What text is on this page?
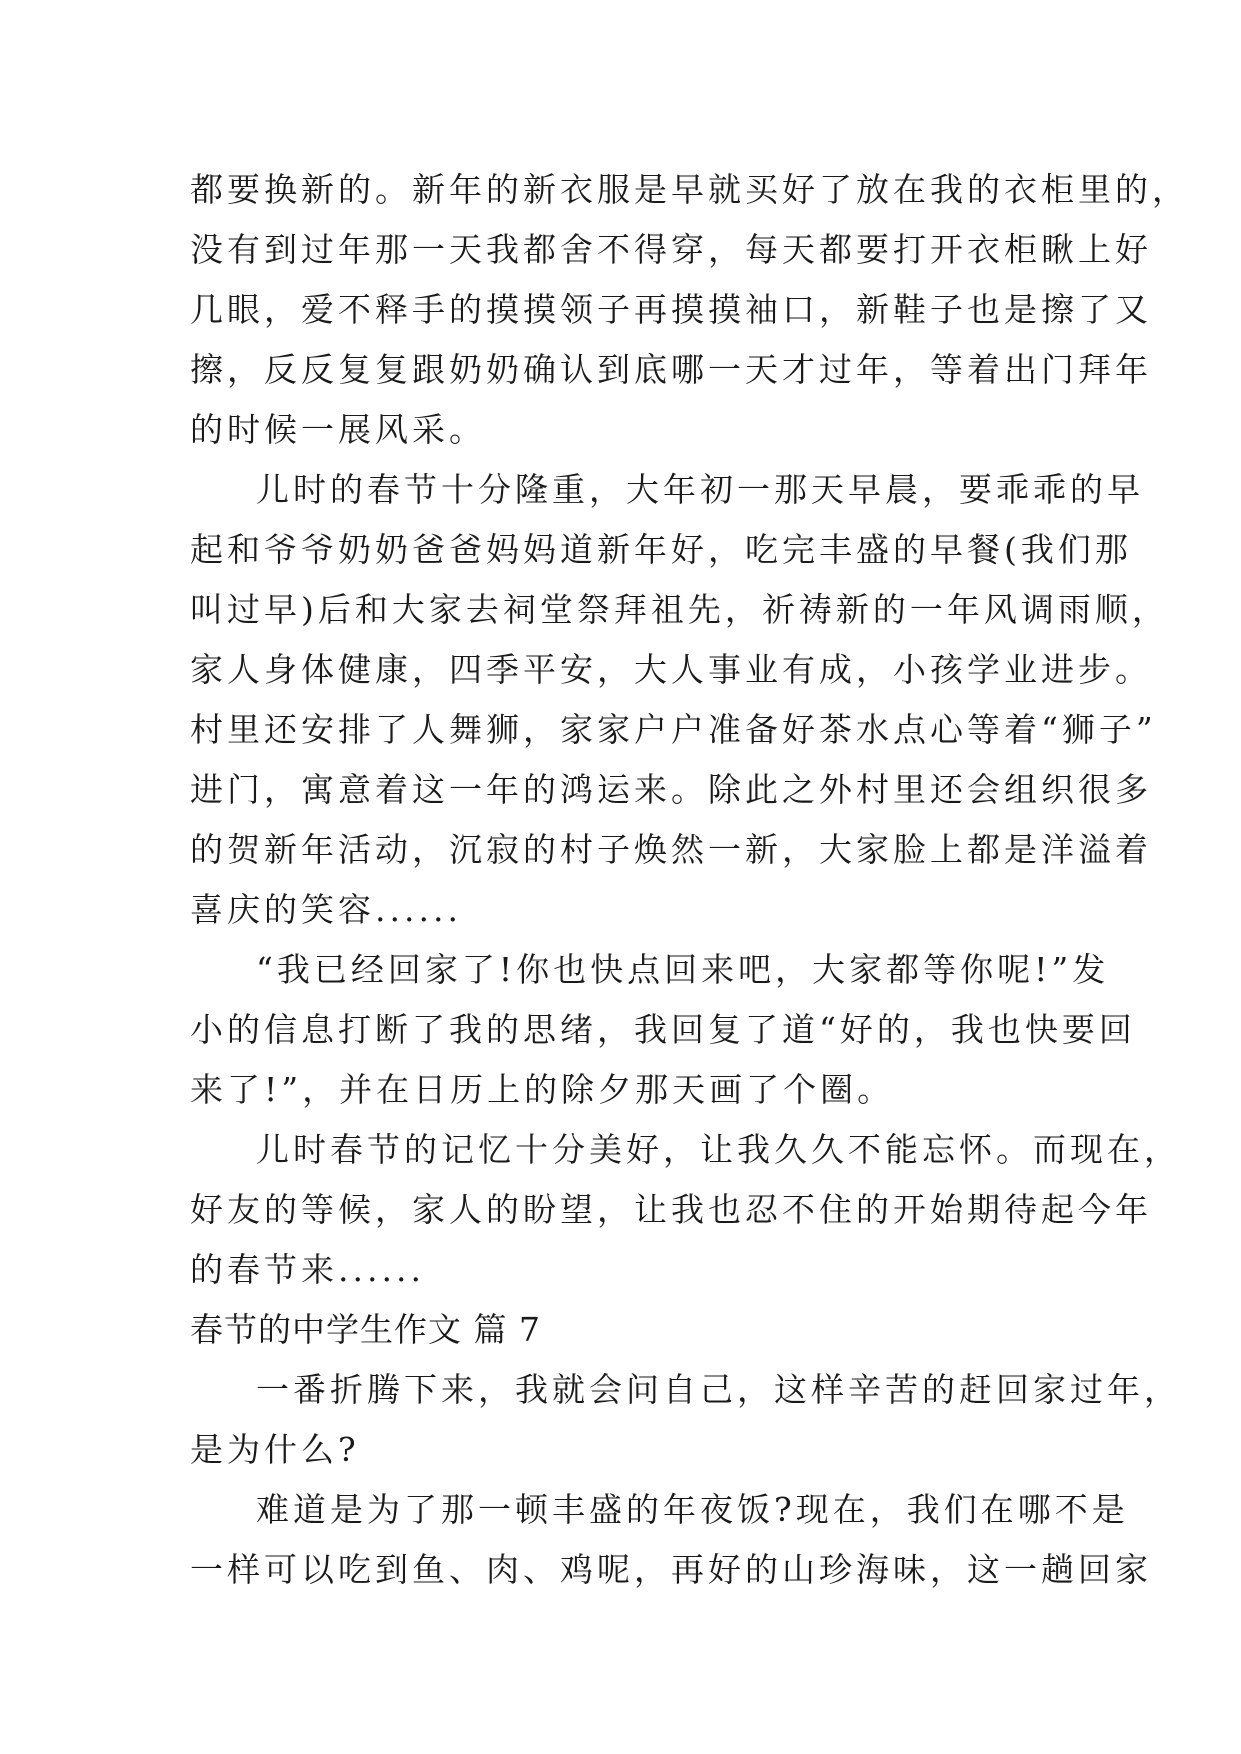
都要换新的。新年的新衣服是早就买好了放在我的衣柜里的，
没有到过年那一天我都舍不得穿，每天都要打开衣柜瞅上好
几眼，爱不释手的摸摸领子再摸摸袖口，新鞋子也是擦了又
擦，反反复复跟奶奶确认到底哪一天才过年，等着出门拜年
的时候一展风采。
儿时的春节十分隆重，大年初一那天早晨，要乖乖的早
起和爷爷奶奶爸爸妈妈道新年好，吃完丰盛的早餐(我们那
叫过早)后和大家去祠堂祭拜祖先，祈祷新的一年风调雨顺，
家人身体健康，四季平安，大人事业有成，小孩学业进步。
村里还安排了人舞狮，家家户户准备好茶水点心等着“狮子”
进门，寓意着这一年的鸿运来。除此之外村里还会组织很多
的贺新年活动，沉寂的村子焕然一新，大家脸上都是洋溢着
喜庆的笑容......
“我已经回家了!你也快点回来吧，大家都等你呢!”发
小的信息打断了我的思绪，我回复了道“好的，我也快要回
来了!”，并在日历上的除夕那天画了个圈。
儿时春节的记忆十分美好，让我久久不能忘怀。而现在，
好友的等候，家人的盼望，让我也忍不住的开始期待起今年
的春节来......
春节的中学生作文 篇 7
一番折腾下来，我就会问自己，这样辛苦的赶回家过年，
是为什么?
难道是为了那一顿丰盛的年夜饭?现在，我们在哪不是
一样可以吃到鱼、肉、鸡呢，再好的山珍海味，这一趟回家
